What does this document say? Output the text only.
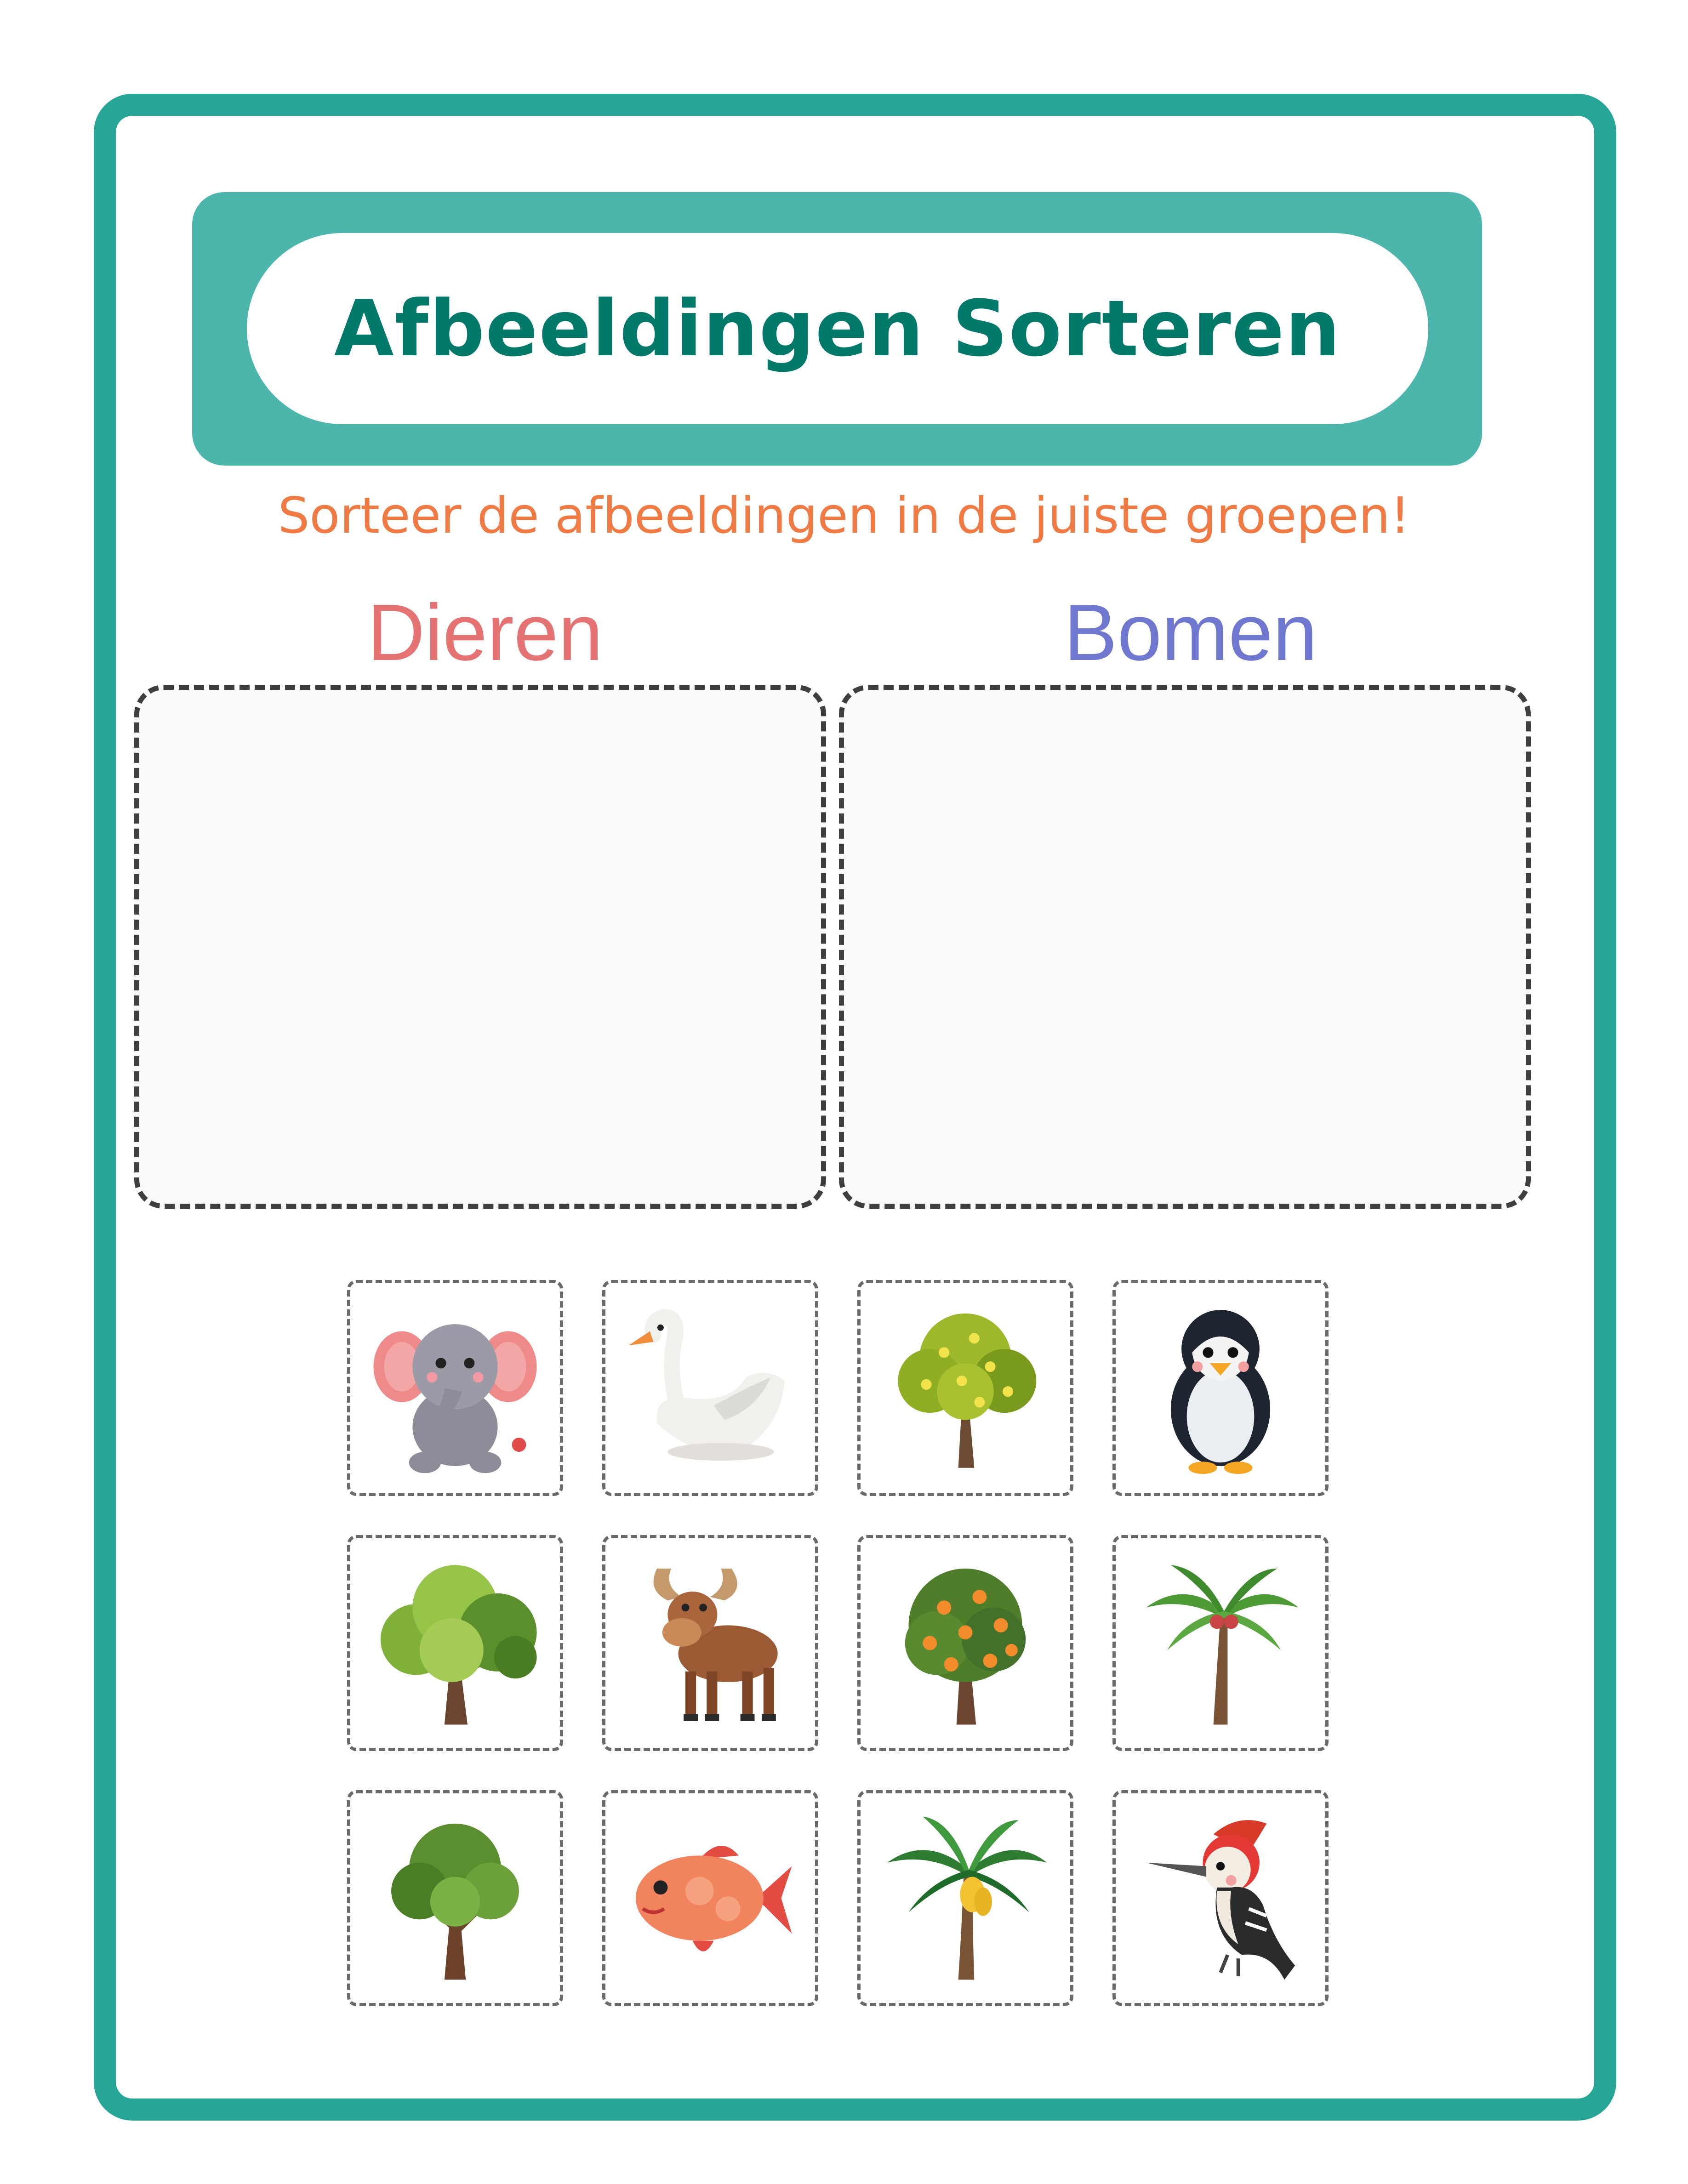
Afbeeldingen Sorteren
Sorteer de afbeeldingen in de juiste groepen!
Dieren	Bomen
